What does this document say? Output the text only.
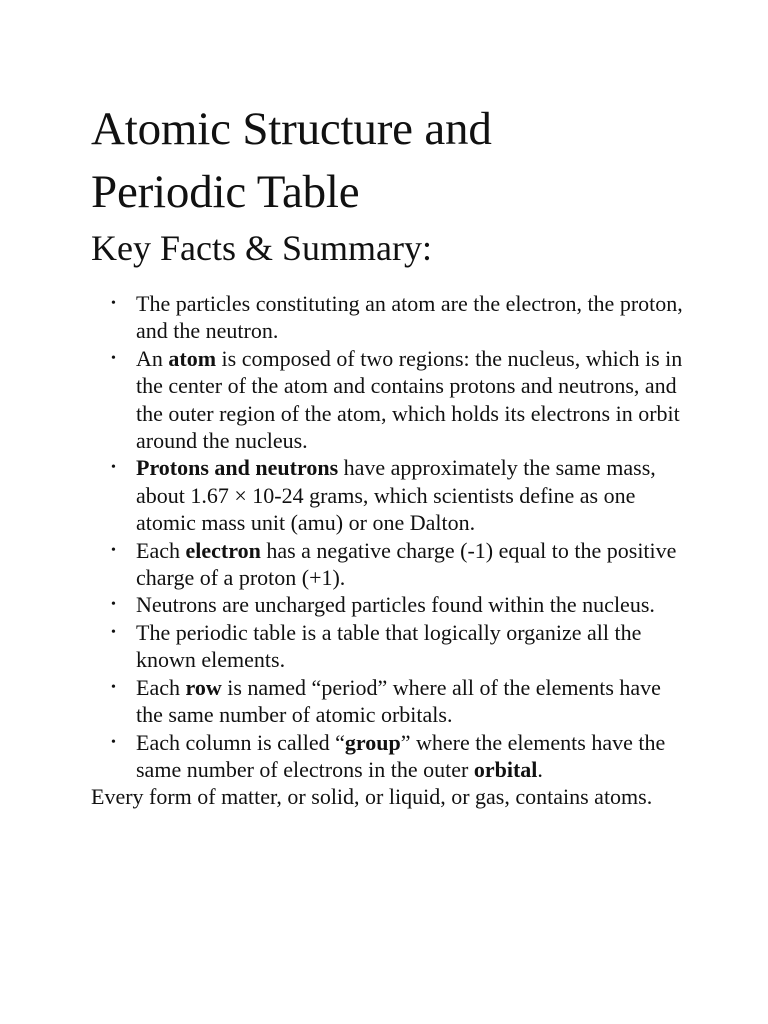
Atomic Structure and
Periodic Table
Key Facts & Summary:
• The particles constituting an atom are the electron, the proton, and the neutron.
• An atom is composed of two regions: the nucleus, which is in the center of the atom and contains protons and neutrons, and the outer region of the atom, which holds its electrons in orbit around the nucleus.
• Protons and neutrons have approximately the same mass, about 1.67 × 10-24 grams, which scientists define as one atomic mass unit (amu) or one Dalton.
• Each electron has a negative charge (-1) equal to the positive charge of a proton (+1).
• Neutrons are uncharged particles found within the nucleus.
• The periodic table is a table that logically organize all the known elements.
• Each row is named “period” where all of the elements have the same number of atomic orbitals.
• Each column is called “group” where the elements have the same number of electrons in the outer orbital.

Every form of matter, or solid, or liquid, or gas, contains atoms.
